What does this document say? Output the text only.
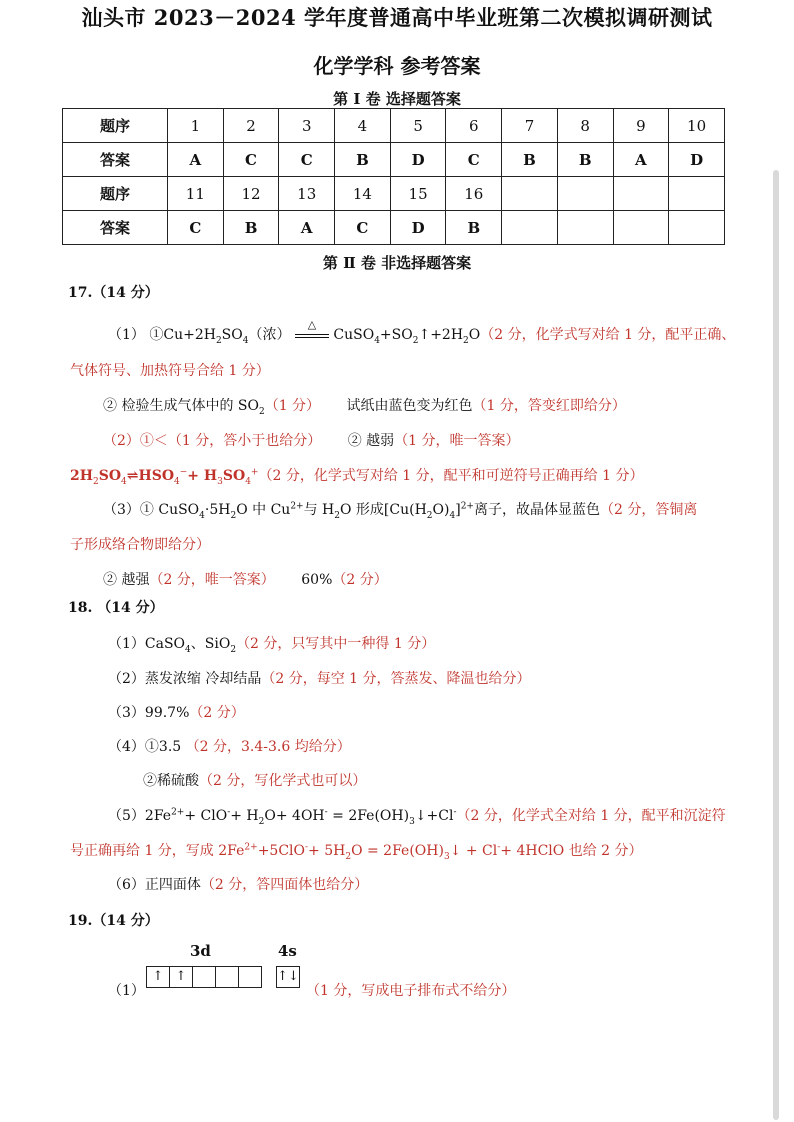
汕头市 2023－2024 学年度普通高中毕业班第二次模拟调研测试
化学学科 参考答案
第 Ⅰ 卷 选择题答案
题序	1	2	3	4	5	6	7	8	9	10
答案	A	C	C	B	D	C	B	B	A	D
题序	11	12	13	14	15	16				
答案	C	B	A	C	D	B				
第 Ⅱ 卷 非选择题答案
17.（14 分）
（1） $①Cu+2H_2SO_4$（浓）
△
$CuSO_4+SO_2↑+2H_2O(2$ 分，化学式写对给 1 分，配平正确、
气体符号、加热符号合给 1 分）
② 检验生成气体中的 $SO_2(1$ 分） 试纸由蓝色变为红色（1 分，答变红即给分）
（2）①＜（1 分，答小于也给分） ② 越弱（1 分，唯一答案）
$2H_2SO_4\rightleftharpoons HSO_4^-+ H_3SO_4^+(2$ 分，化学式写对给 1 分，配平和可逆符号正确再给 1 分）
（3）① $CuSO_4\cdot 5H_2O$ 中 $Cu^{2+}$与 $H_2O$ 形成$[Cu(H_2O)_4]^{2+}$离子，故晶体显蓝色（2 分，答铜离
子形成络合物即给分）
② 越强（2 分，唯一答案） 60%（2 分）
18. （14 分）
（1）CaSO$_4$、SiO$_2$（2 分，只写其中一种得 1 分）
（2）蒸发浓缩 冷却结晶（2 分，每空 1 分，答蒸发、降温也给分）
（3）99.7%（2 分）
（4）①3.5 （2 分，3.4-3.6 均给分）
②稀硫酸（2 分，写化学式也可以）
$(5)2Fe^{2+}+ ClO^-+ H_2O+ 4OH^-$ = $2Fe(OH)_3↓+Cl^-(2$ 分，化学式全对给 1 分，配平和沉淀符
号正确再给 1 分，写成 $2Fe^{2+}+5ClO^-+ 5H_2O$ = $2Fe(OH)_3↓ + Cl^-+$ 4HClO 也给 2 分）
（6）正四面体（2 分，答四面体也给分）
19.（14 分）
3d	4s
（1）
↑ ↑	↑↓
（1 分，写成电子排布式不给分）
